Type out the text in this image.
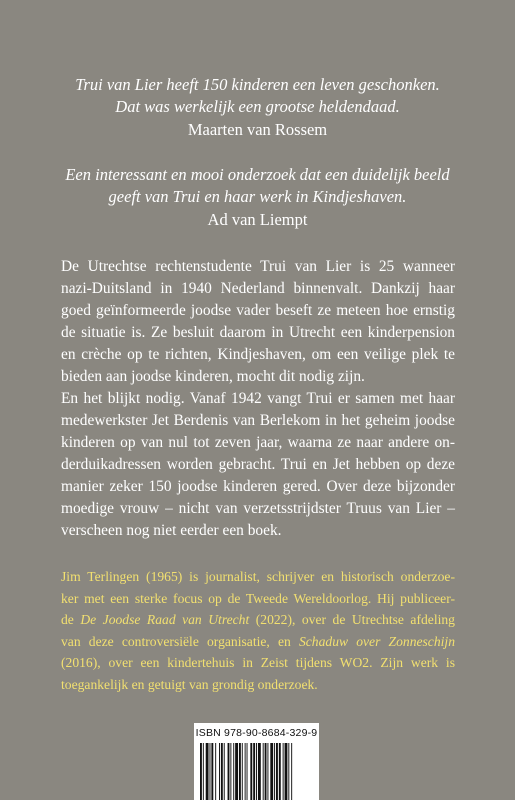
Trui van Lier heeft 150 kinderen een leven geschonken.
Dat was werkelijk een grootse heldendaad.
Maarten van Rossem
Een interessant en mooi onderzoek dat een duidelijk beeld
geeft van Trui en haar werk in Kindjeshaven.
Ad van Liempt
De Utrechtse rechtenstudente Trui van Lier is 25 wanneer
nazi-Duitsland in 1940 Nederland binnenvalt. Dankzij haar
goed geïnformeerde joodse vader beseft ze meteen hoe ernstig
de situatie is. Ze besluit daarom in Utrecht een kinderpension
en crèche op te richten, Kindjeshaven, om een veilige plek te
bieden aan joodse kinderen, mocht dit nodig zijn.
En het blijkt nodig. Vanaf 1942 vangt Trui er samen met haar
medewerkster Jet Berdenis van Berlekom in het geheim joodse
kinderen op van nul tot zeven jaar, waarna ze naar andere on-
derduikadressen worden gebracht. Trui en Jet hebben op deze
manier zeker 150 joodse kinderen gered. Over deze bijzonder
moedige vrouw – nicht van verzetsstrijdster Truus van Lier –
verscheen nog niet eerder een boek.
Jim Terlingen (1965) is journalist, schrijver en historisch onderzoe-
ker met een sterke focus op de Tweede Wereldoorlog. Hij publiceer-
de De Joodse Raad van Utrecht (2022), over de Utrechtse afdeling
van deze controversiële organisatie, en Schaduw over Zonneschijn
(2016), over een kindertehuis in Zeist tijdens WO2. Zijn werk is
toegankelijk en getuigt van grondig onderzoek.
ISBN 978-90-8684-329-9
